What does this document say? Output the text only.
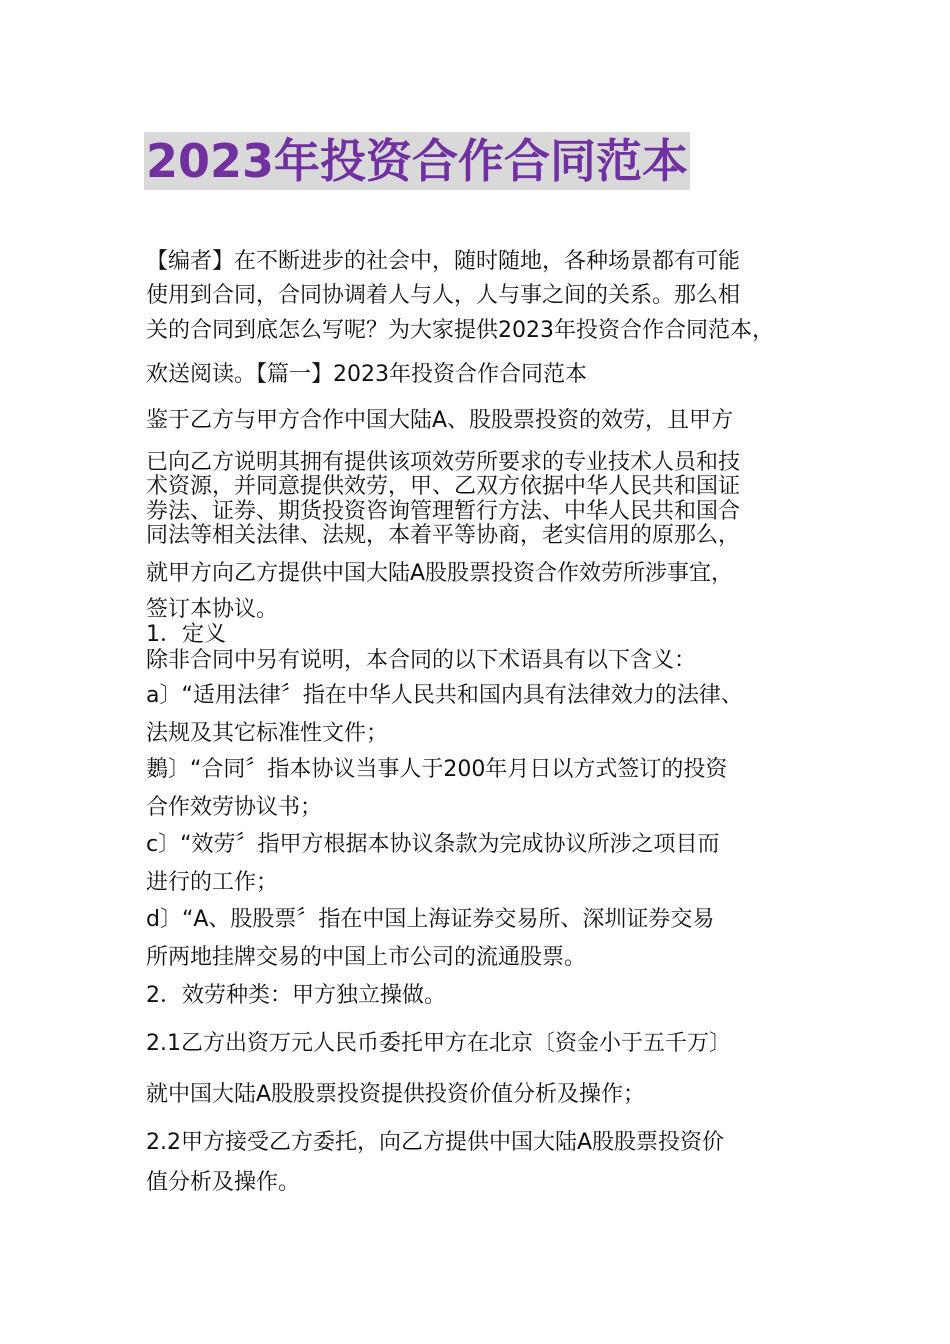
2023年投资合作合同范本
【编者】在不断进步的社会中，随时随地，各种场景都有可能
使用到合同，合同协调着人与人，人与事之间的关系。那么相
关的合同到底怎么写呢？为大家提供2023年投资合作合同范本，
欢送阅读。【篇一】2023年投资合作合同范本
鉴于乙方与甲方合作中国大陆A、股股票投资的效劳，且甲方
已向乙方说明其拥有提供该项效劳所要求的专业技术人员和技
术资源，并同意提供效劳，甲、乙双方依据中华人民共和国证
券法、证券、期货投资咨询管理暂行方法、中华人民共和国合
同法等相关法律、法规，本着平等协商，老实信用的原那么，
就甲方向乙方提供中国大陆A股股票投资合作效劳所涉事宜，
签订本协议。
1．定义
除非合同中另有说明，本合同的以下术语具有以下含义：
a〕“适用法律〞指在中华人民共和国内具有法律效力的法律、
法规及其它标准性文件；
鶈〕“合同〞指本协议当事人于200年月日以方式签订的投资
合作效劳协议书；
c〕“效劳〞指甲方根据本协议条款为完成协议所涉之项目而
进行的工作；
d〕“A、股股票〞指在中国上海证券交易所、深圳证券交易
所两地挂牌交易的中国上市公司的流通股票。
2．效劳种类：甲方独立操做。
2.1乙方出资万元人民币委托甲方在北京〔资金小于五千万〕
就中国大陆A股股票投资提供投资价值分析及操作；
2.2甲方接受乙方委托，向乙方提供中国大陆A股股票投资价
值分析及操作。
